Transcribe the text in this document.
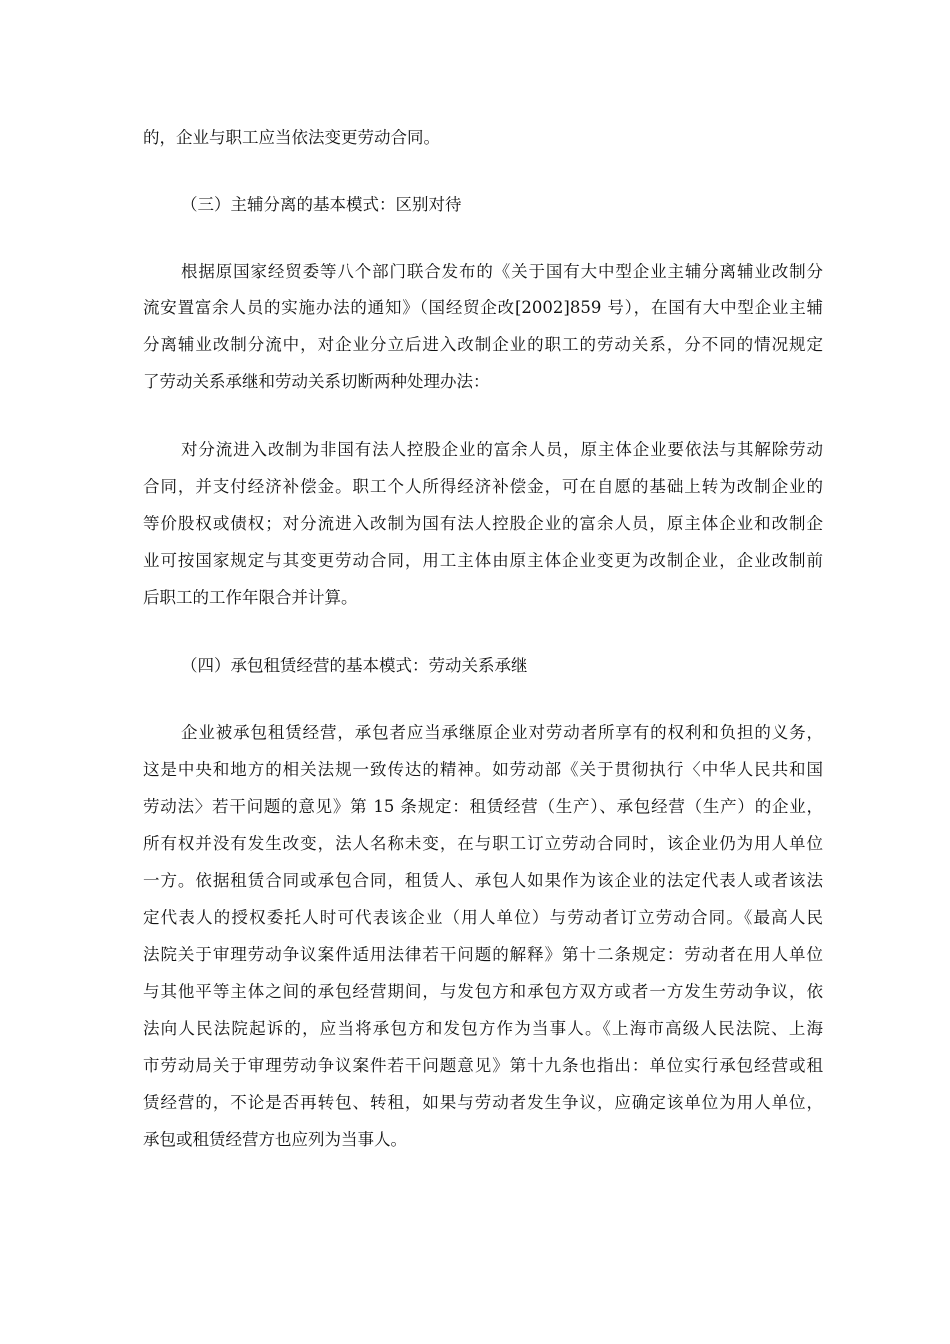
的，企业与职工应当依法变更劳动合同。
（三）主辅分离的基本模式：区别对待
根据原国家经贸委等八个部门联合发布的《关于国有大中型企业主辅分离辅业改制分
流安置富余人员的实施办法的通知》（国经贸企改[2002]859 号），在国有大中型企业主辅
分离辅业改制分流中，对企业分立后进入改制企业的职工的劳动关系，分不同的情况规定
了劳动关系承继和劳动关系切断两种处理办法：
对分流进入改制为非国有法人控股企业的富余人员，原主体企业要依法与其解除劳动
合同，并支付经济补偿金。职工个人所得经济补偿金，可在自愿的基础上转为改制企业的
等价股权或债权；对分流进入改制为国有法人控股企业的富余人员，原主体企业和改制企
业可按国家规定与其变更劳动合同，用工主体由原主体企业变更为改制企业，企业改制前
后职工的工作年限合并计算。
（四）承包租赁经营的基本模式：劳动关系承继
企业被承包租赁经营，承包者应当承继原企业对劳动者所享有的权利和负担的义务，
这是中央和地方的相关法规一致传达的精神。如劳动部《关于贯彻执行〈中华人民共和国
劳动法〉若干问题的意见》第 15 条规定：租赁经营（生产）、承包经营（生产）的企业，
所有权并没有发生改变，法人名称未变，在与职工订立劳动合同时，该企业仍为用人单位
一方。依据租赁合同或承包合同，租赁人、承包人如果作为该企业的法定代表人或者该法
定代表人的授权委托人时可代表该企业（用人单位）与劳动者订立劳动合同。《最高人民
法院关于审理劳动争议案件适用法律若干问题的解释》第十二条规定：劳动者在用人单位
与其他平等主体之间的承包经营期间，与发包方和承包方双方或者一方发生劳动争议，依
法向人民法院起诉的，应当将承包方和发包方作为当事人。《上海市高级人民法院、上海
市劳动局关于审理劳动争议案件若干问题意见》第十九条也指出：单位实行承包经营或租
赁经营的，不论是否再转包、转租，如果与劳动者发生争议，应确定该单位为用人单位，
承包或租赁经营方也应列为当事人。
